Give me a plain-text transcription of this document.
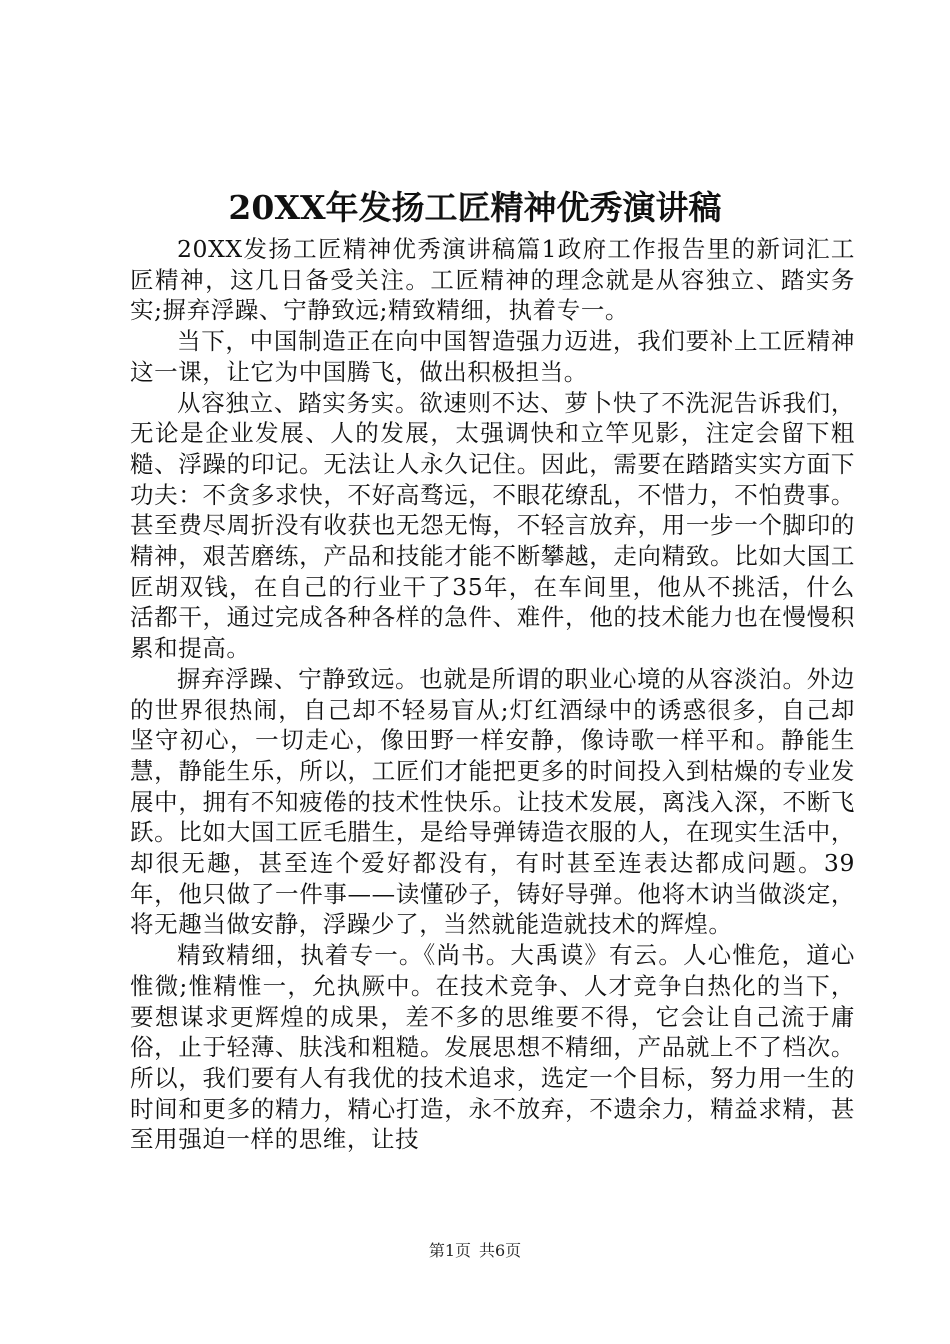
20XX年发扬工匠精神优秀演讲稿

20XX发扬工匠精神优秀演讲稿篇1政府工作报告里的新词汇工匠精神，这几日备受关注。工匠精神的理念就是从容独立、踏实务实;摒弃浮躁、宁静致远;精致精细，执着专一。

当下，中国制造正在向中国智造强力迈进，我们要补上工匠精神这一课，让它为中国腾飞，做出积极担当。

从容独立、踏实务实。欲速则不达、萝卜快了不洗泥告诉我们，无论是企业发展、人的发展，太强调快和立竿见影，注定会留下粗糙、浮躁的印记。无法让人永久记住。因此，需要在踏踏实实方面下功夫：不贪多求快，不好高骛远，不眼花缭乱，不惜力，不怕费事。甚至费尽周折没有收获也无怨无悔，不轻言放弃，用一步一个脚印的精神，艰苦磨练，产品和技能才能不断攀越，走向精致。比如大国工匠胡双钱，在自己的行业干了35年，在车间里，他从不挑活，什么活都干，通过完成各种各样的急件、难件，他的技术能力也在慢慢积累和提高。

摒弃浮躁、宁静致远。也就是所谓的职业心境的从容淡泊。外边的世界很热闹，自己却不轻易盲从;灯红酒绿中的诱惑很多，自己却坚守初心，一切走心，像田野一样安静，像诗歌一样平和。静能生慧，静能生乐，所以，工匠们才能把更多的时间投入到枯燥的专业发展中，拥有不知疲倦的技术性快乐。让技术发展，离浅入深，不断飞跃。比如大国工匠毛腊生，是给导弹铸造衣服的人，在现实生活中，却很无趣，甚至连个爱好都没有，有时甚至连表达都成问题。39年，他只做了一件事——读懂砂子，铸好导弹。他将木讷当做淡定，将无趣当做安静，浮躁少了，当然就能造就技术的辉煌。

精致精细，执着专一。《尚书。大禹谟》有云。人心惟危，道心惟微;惟精惟一，允执厥中。在技术竞争、人才竞争白热化的当下，要想谋求更辉煌的成果，差不多的思维要不得，它会让自己流于庸俗，止于轻薄、肤浅和粗糙。发展思想不精细，产品就上不了档次。所以，我们要有人有我优的技术追求，选定一个目标，努力用一生的时间和更多的精力，精心打造，永不放弃，不遗余力，精益求精，甚至用强迫一样的思维，让技

第1页 共6页
